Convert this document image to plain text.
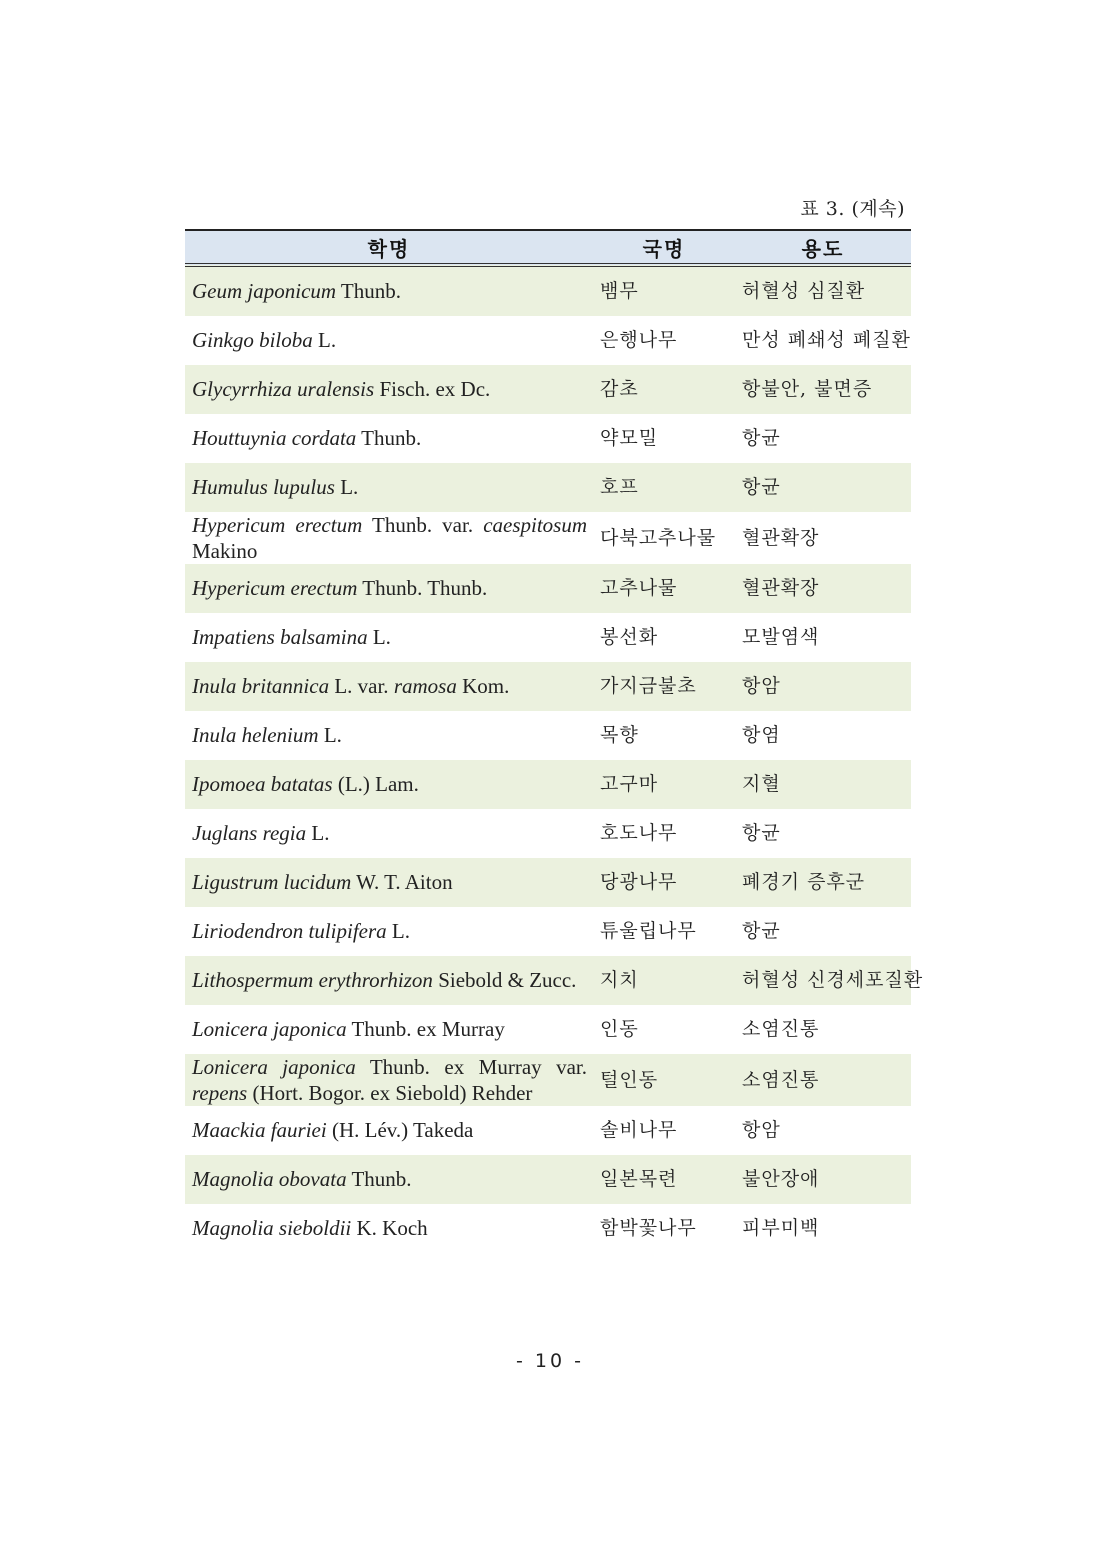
표 3. (계속)
학명	국명	용도
Geum japonicum Thunb.	뱀무	허혈성 심질환
Ginkgo biloba L.	은행나무	만성 폐쇄성 폐질환
Glycyrrhiza uralensis Fisch. ex Dc.	감초	항불안, 불면증
Houttuynia cordata Thunb.	약모밀	항균
Humulus lupulus L.	호프	항균
Hypericum erectum Thunb. var. caespitosum Makino	다북고추나물	혈관확장
Hypericum erectum Thunb. Thunb.	고추나물	혈관확장
Impatiens balsamina L.	봉선화	모발염색
Inula britannica L. var. ramosa Kom.	가지금불초	항암
Inula helenium L.	목향	항염
Ipomoea batatas (L.) Lam.	고구마	지혈
Juglans regia L.	호도나무	항균
Ligustrum lucidum W. T. Aiton	당광나무	폐경기 증후군
Liriodendron tulipifera L.	튜울립나무	항균
Lithospermum erythrorhizon Siebold & Zucc.	지치	허혈성 신경세포질환
Lonicera japonica Thunb. ex Murray	인동	소염진통
Lonicera japonica Thunb. ex Murray var. repens (Hort. Bogor. ex Siebold) Rehder	털인동	소염진통
Maackia fauriei (H. Lév.) Takeda	솔비나무	항암
Magnolia obovata Thunb.	일본목련	불안장애
Magnolia sieboldii K. Koch	함박꽃나무	피부미백
- 10 -
